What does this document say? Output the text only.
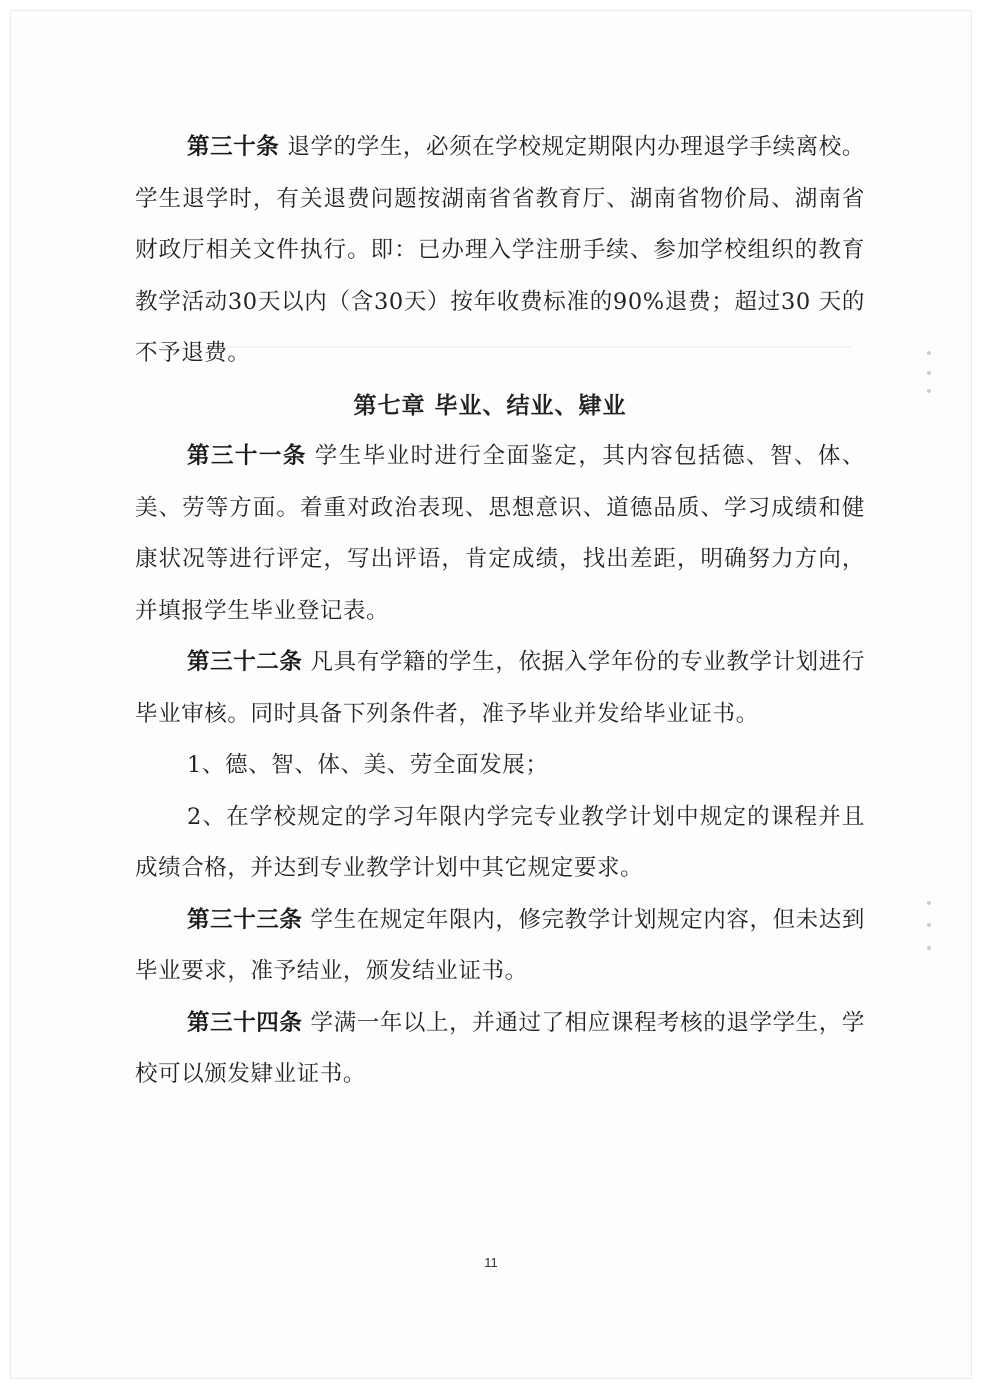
第三十条 退学的学生，必须在学校规定期限内办理退学手续离校。学生退学时，有关退费问题按湖南省省教育厅、湖南省物价局、湖南省财政厅相关文件执行。即：已办理入学注册手续、参加学校组织的教育教学活动30天以内（含30天）按年收费标准的90%退费；超过30 天的不予退费。

第七章 毕业、结业、肄业

第三十一条 学生毕业时进行全面鉴定，其内容包括德、智、体、美、劳等方面。着重对政治表现、思想意识、道德品质、学习成绩和健康状况等进行评定，写出评语，肯定成绩，找出差距，明确努力方向，并填报学生毕业登记表。

第三十二条 凡具有学籍的学生，依据入学年份的专业教学计划进行毕业审核。同时具备下列条件者，准予毕业并发给毕业证书。

1、德、智、体、美、劳全面发展；

2、在学校规定的学习年限内学完专业教学计划中规定的课程并且成绩合格，并达到专业教学计划中其它规定要求。

第三十三条 学生在规定年限内，修完教学计划规定内容，但未达到毕业要求，准予结业，颁发结业证书。

第三十四条 学满一年以上，并通过了相应课程考核的退学学生，学校可以颁发肄业证书。

11
